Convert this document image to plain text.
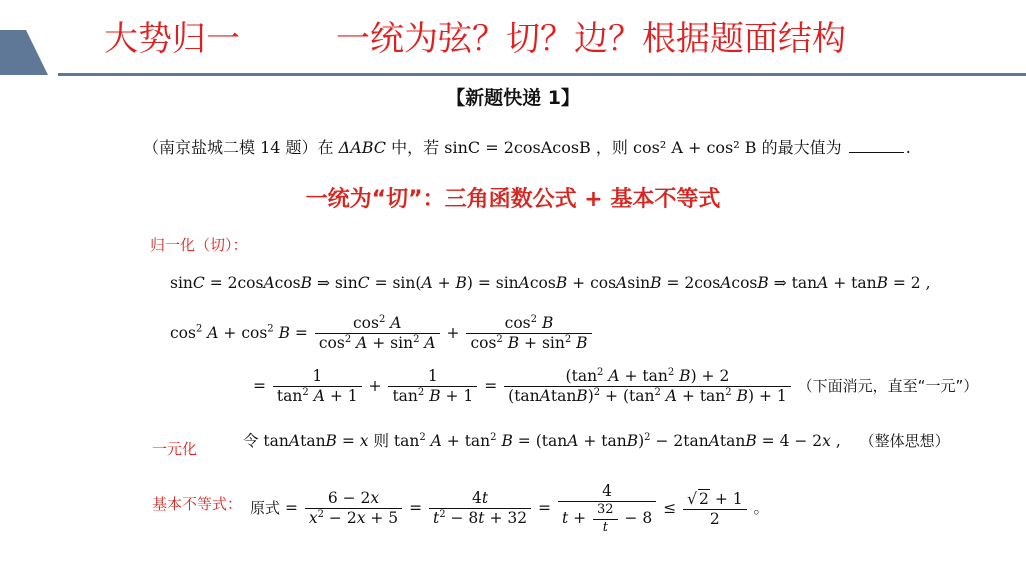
大势归一	一统为弦？切？边？根据题面结构
【新题快递 1】
（南京盐城二模 14 题）在 ΔABC 中，若 sinC = 2cosAcosB ，则 cos² A + cos² B 的最大值为	.
一统为“切”：三角函数公式 + 基本不等式
归一化（切）：
sinC = 2cosAcosB ⇒ sinC = sin(A + B) = sinAcosB + cosAsinB = 2cosAcosB ⇒ tanA + tanB = 2 ,
$\cos^2 A + \cos^2 B = \frac{\cos^2 A}{\cos^2 A + \sin^2 A} + \frac{\cos^2 B}{\cos^2 B + \sin^2 B}$
= $\frac{1}{\tan^2 A + 1} + \frac{1}{\tan^2 B + 1} = \frac{(\tan^2 A + \tan^2 B) + 2}{(tanAtanB)^2 + (\tan^2 A + \tan^2 B) + 1}$ （下面消元，直至“一元”）
一元化	令 tanAtanB = x 则 $\tan^2 A + \tan^2 B = (\tan A + \tan B)^2$ − 2tanAtanB = 4 − 2x , （整体思想）
基本不等式： 原式 = $\frac{6 - 2x}{x^2 - 2x + 5} = \frac{4t}{t^2 - 8t + 32} = \frac{4}{t + \frac{32}{t} - 8} \le \frac{√ 2 + 1}{2}$ 。
